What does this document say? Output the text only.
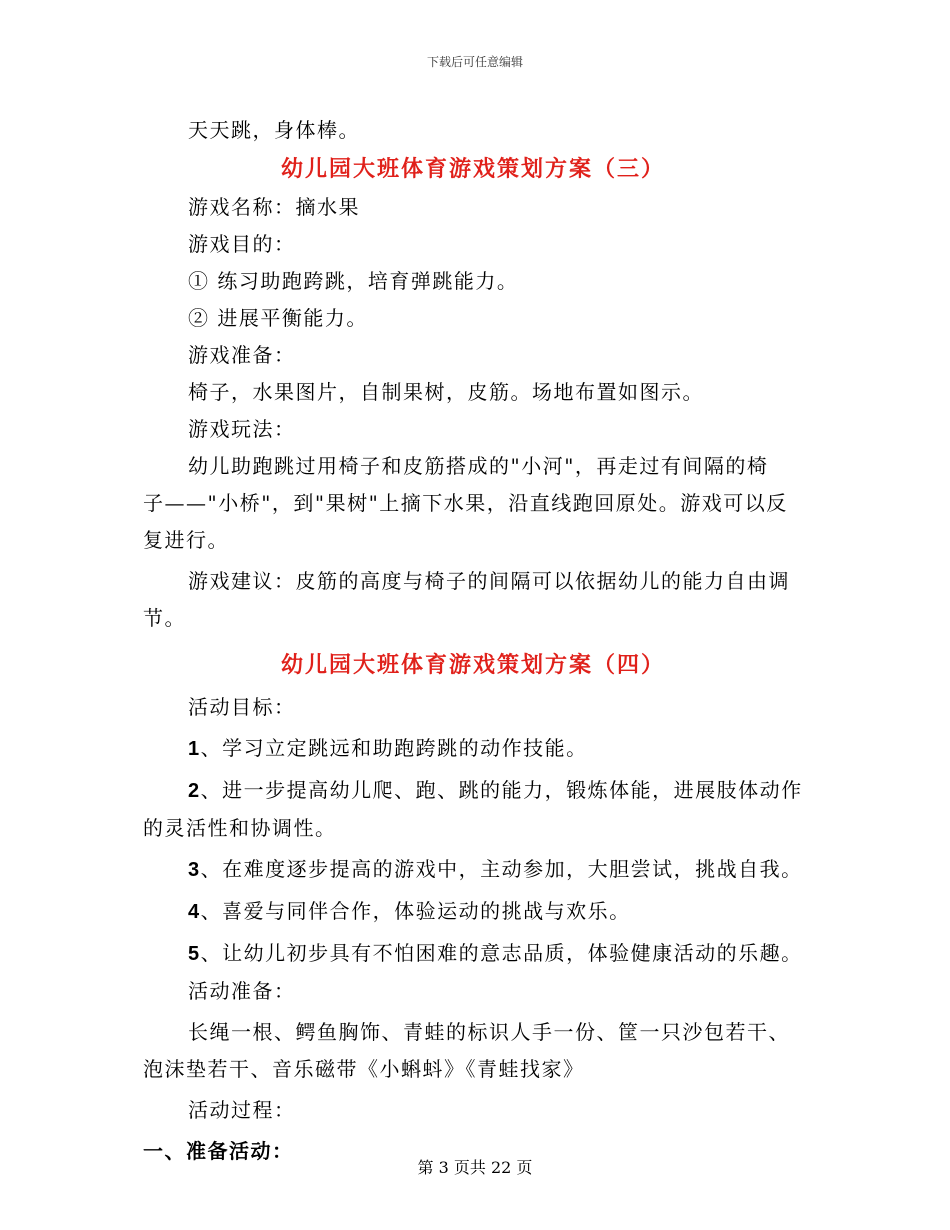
下载后可任意编辑
天天跳，身体棒。
幼儿园大班体育游戏策划方案（三）
游戏名称：摘水果
游戏目的：
① 练习助跑跨跳，培育弹跳能力。
② 进展平衡能力。
游戏准备：
椅子，水果图片，自制果树，皮筋。场地布置如图示。
游戏玩法：
幼儿助跑跳过用椅子和皮筋搭成的"小河"，再走过有间隔的椅
子——"小桥"，到"果树"上摘下水果，沿直线跑回原处。游戏可以反
复进行。
游戏建议：皮筋的高度与椅子的间隔可以依据幼儿的能力自由调
节。
幼儿园大班体育游戏策划方案（四）
活动目标：
1、学习立定跳远和助跑跨跳的动作技能。
2、进一步提高幼儿爬、跑、跳的能力，锻炼体能，进展肢体动作
的灵活性和协调性。
3、在难度逐步提高的游戏中，主动参加，大胆尝试，挑战自我。
4、喜爱与同伴合作，体验运动的挑战与欢乐。
5、让幼儿初步具有不怕困难的意志品质，体验健康活动的乐趣。
活动准备：
长绳一根、鳄鱼胸饰、青蛙的标识人手一份、筐一只沙包若干、
泡沫垫若干、音乐磁带《小蝌蚪》《青蛙找家》
活动过程：
一、准备活动：
第 3 页共 22 页
